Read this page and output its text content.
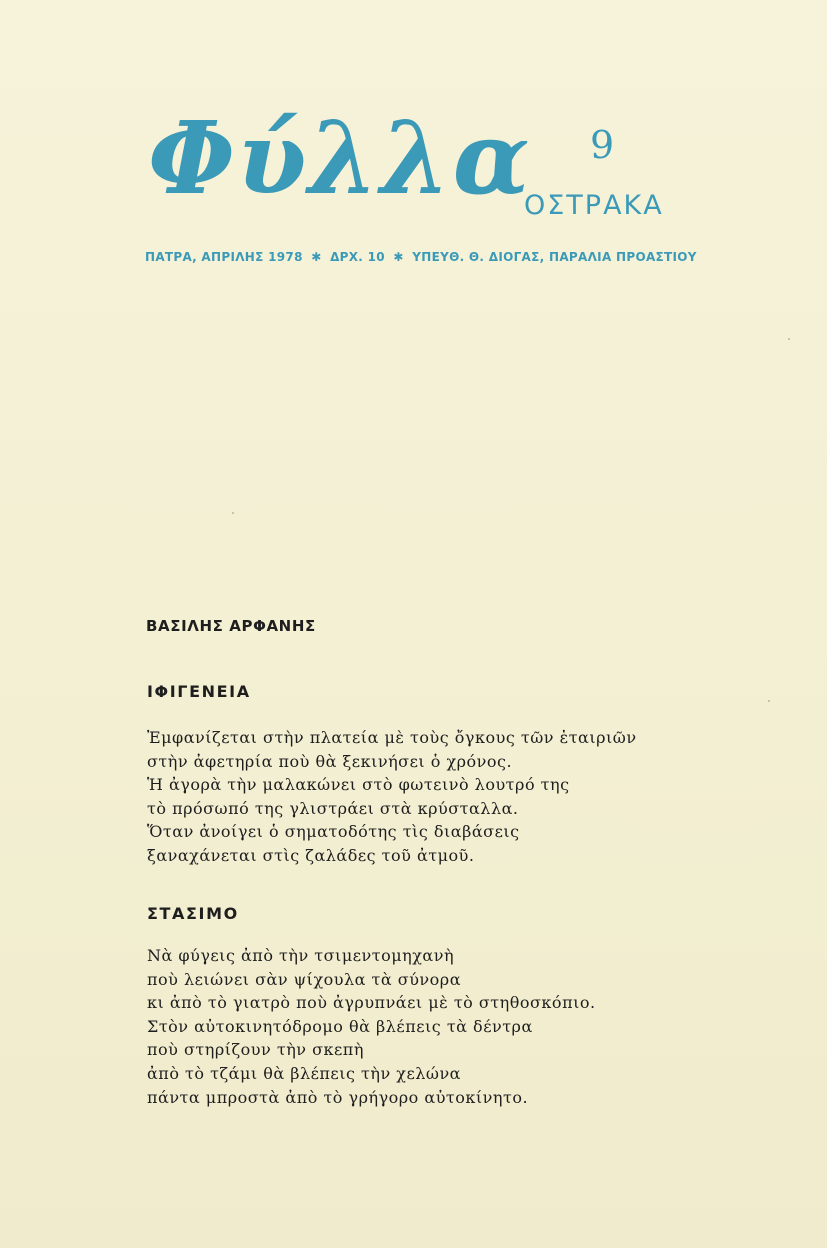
Φύλλα 9
ΟΣΤΡΑΚΑ
ΠΑΤΡΑ, ΑΠΡΙΛΗΣ 1978 ✱ ΔΡΧ. 10 ✱ ΥΠΕΥΘ. Θ. ΔΙΟΓΑΣ, ΠΑΡΑΛΙΑ ΠΡΟΑΣΤΙΟΥ
ΒΑΣΙΛΗΣ ΑΡΦΑΝΗΣ
ΙΦΙΓΕΝΕΙΑ
Ἐμφανίζεται στὴν πλατεία μὲ τοὺς ὄγκους τῶν ἑταιριῶν
στὴν ἀφετηρία ποὺ θὰ ξεκινήσει ὁ χρόνος.
Ἡ ἀγορὰ τὴν μαλακώνει στὸ φωτεινὸ λουτρό της
τὸ πρόσωπό της γλιστράει στὰ κρύσταλλα.
Ὅταν ἀνοίγει ὁ σηματοδότης τὶς διαβάσεις
ξαναχάνεται στὶς ζαλάδες τοῦ ἀτμοῦ.
ΣΤΑΣΙΜΟ
Νὰ φύγεις ἀπὸ τὴν τσιμεντομηχανὴ
ποὺ λειώνει σὰν ψίχουλα τὰ σύνορα
κι ἀπὸ τὸ γιατρὸ ποὺ ἀγρυπνάει μὲ τὸ στηθοσκόπιο.
Στὸν αὐτοκινητόδρομο θὰ βλέπεις τὰ δέντρα
ποὺ στηρίζουν τὴν σκεπὴ
ἀπὸ τὸ τζάμι θὰ βλέπεις τὴν χελώνα
πάντα μπροστὰ ἀπὸ τὸ γρήγορο αὐτοκίνητο.
